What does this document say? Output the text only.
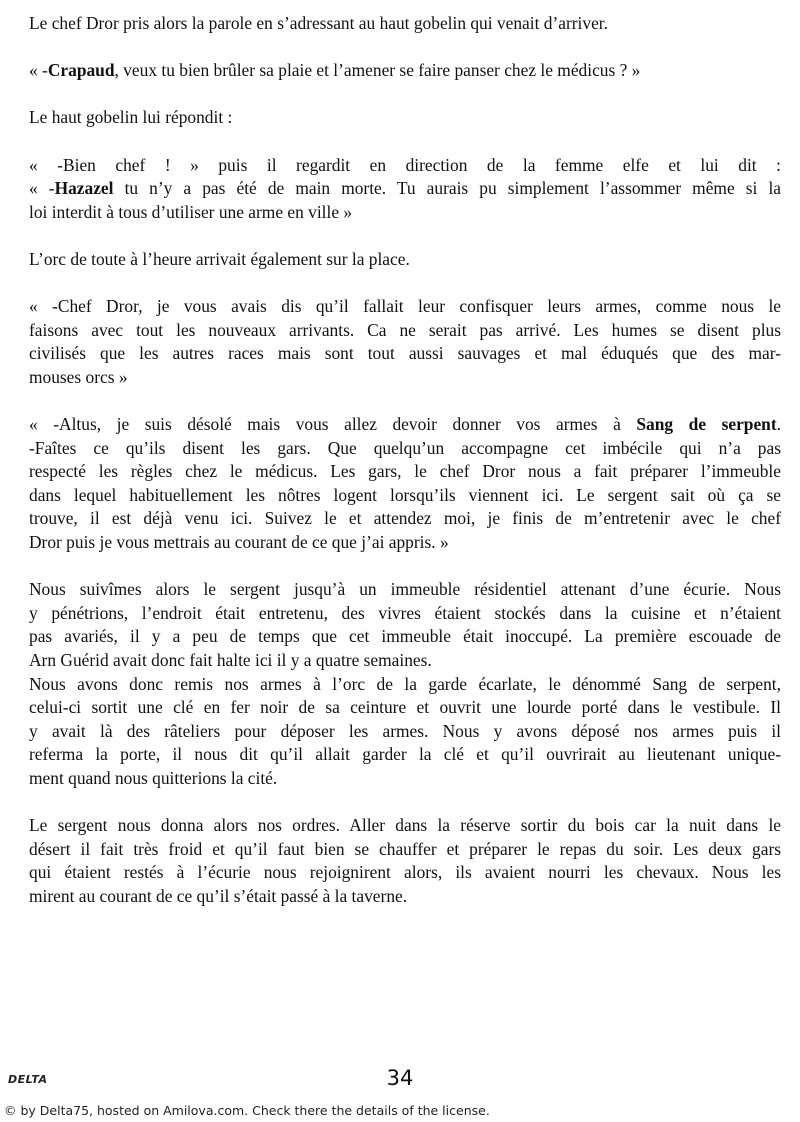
Le chef Dror pris alors la parole en s’adressant au haut gobelin qui venait d’arriver.

« -Crapaud, veux tu bien brûler sa plaie et l’amener se faire panser chez le médicus ? »

Le haut gobelin lui répondit :

« -Bien chef ! » puis il regardit en direction de la femme elfe et lui dit :
« -Hazazel tu n’y a pas été de main morte. Tu aurais pu simplement l’assommer même si la
loi interdit à tous d’utiliser une arme en ville »

L’orc de toute à l’heure arrivait également sur la place.

« -Chef Dror, je vous avais dis qu’il fallait leur confisquer leurs armes, comme nous le
faisons avec tout les nouveaux arrivants. Ca ne serait pas arrivé. Les humes se disent plus
civilisés que les autres races mais sont tout aussi sauvages et mal éduqués que des mar-
mouses orcs »

« -Altus, je suis désolé mais vous allez devoir donner vos armes à Sang de serpent.
-Faîtes ce qu’ils disent les gars. Que quelqu’un accompagne cet imbécile qui n’a pas
respecté les règles chez le médicus. Les gars, le chef Dror nous a fait préparer l’immeuble
dans lequel habituellement les nôtres logent lorsqu’ils viennent ici. Le sergent sait où ça se
trouve, il est déjà venu ici. Suivez le et attendez moi, je finis de m’entretenir avec le chef
Dror puis je vous mettrais au courant de ce que j’ai appris. »

Nous suivîmes alors le sergent jusqu’à un immeuble résidentiel attenant d’une écurie. Nous
y pénétrions, l’endroit était entretenu, des vivres étaient stockés dans la cuisine et n’étaient
pas avariés, il y a peu de temps que cet immeuble était inoccupé. La première escouade de
Arn Guérid avait donc fait halte ici il y a quatre semaines.

Nous avons donc remis nos armes à l’orc de la garde écarlate, le dénommé Sang de serpent,
celui-ci sortit une clé en fer noir de sa ceinture et ouvrit une lourde porté dans le vestibule. Il
y avait là des râteliers pour déposer les armes. Nous y avons déposé nos armes puis il
referma la porte, il nous dit qu’il allait garder la clé et qu’il ouvrirait au lieutenant unique-
ment quand nous quitterions la cité.

Le sergent nous donna alors nos ordres. Aller dans la réserve sortir du bois car la nuit dans le
désert il fait très froid et qu’il faut bien se chauffer et préparer le repas du soir. Les deux gars
qui étaient restés à l’écurie nous rejoignirent alors, ils avaient nourri les chevaux. Nous les
mirent au courant de ce qu’il s’était passé à la taverne.

DELTA	34
© by Delta75, hosted on Amilova.com. Check there the details of the license.
